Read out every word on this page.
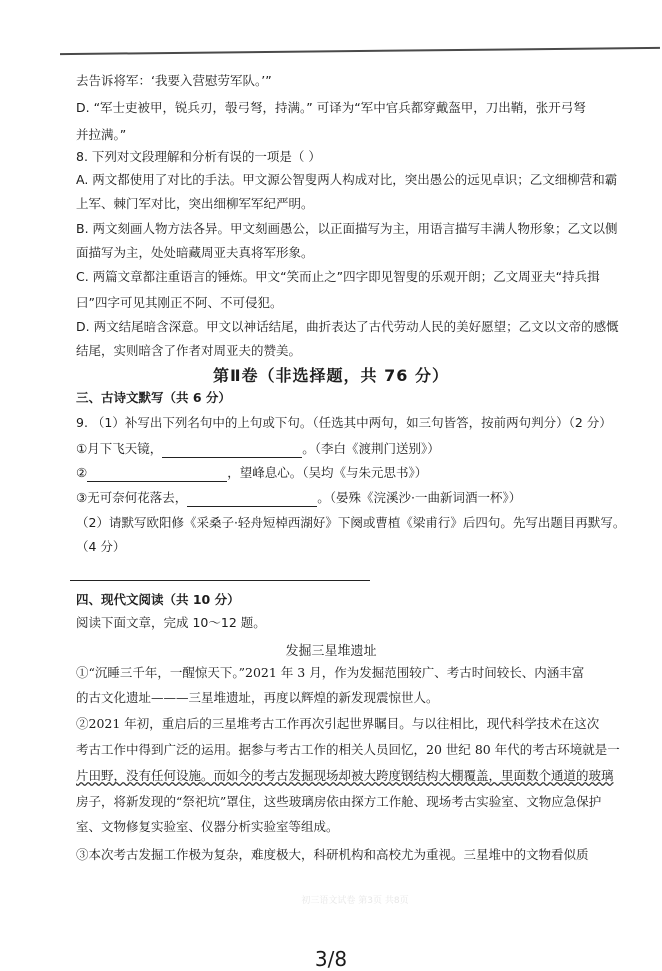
去告诉将军：‘我要入营慰劳军队。’”
D. “军士吏被甲，锐兵刃，彀弓弩，持满。” 可译为“军中官兵都穿戴盔甲，刀出鞘，张开弓弩
并拉满。”
8. 下列对文段理解和分析有误的一项是（ ）
A. 两文都使用了对比的手法。甲文源公智叟两人构成对比，突出愚公的远见卓识；乙文细柳营和霸
上军、棘门军对比，突出细柳军军纪严明。
B. 两文刻画人物方法各异。甲文刻画愚公，以正面描写为主，用语言描写丰满人物形象；乙文以侧
面描写为主，处处暗藏周亚夫真将军形象。
C. 两篇文章都注重语言的锤炼。甲文“笑而止之”四字即见智叟的乐观开朗；乙文周亚夫“持兵揖
曰”四字可见其刚正不阿、不可侵犯。
D. 两文结尾暗含深意。甲文以神话结尾，曲折表达了古代劳动人民的美好愿望；乙文以文帝的感慨
结尾，实则暗含了作者对周亚夫的赞美。
第Ⅱ卷（非选择题，共 76 分）
三、古诗文默写（共 6 分）
9. （1）补写出下列名句中的上句或下句。（任选其中两句，如三句皆答，按前两句判分）（2 分）
①月下飞天镜，	。（李白《渡荆门送别》）
②	，望峰息心。（吴均《与朱元思书》）
③无可奈何花落去，	。（晏殊《浣溪沙·一曲新词酒一杯》）
（2）请默写欧阳修《采桑子·轻舟短棹西湖好》下阕或曹植《梁甫行》后四句。先写出题目再默写。
（4 分）
四、现代文阅读（共 10 分）
阅读下面文章，完成 10～12 题。
发掘三星堆遗址
①“沉睡三千年，一醒惊天下。”2021 年 3 月，作为发掘范围较广、考古时间较长、内涵丰富
的古文化遗址———三星堆遗址，再度以辉煌的新发现震惊世人。
②2021 年初，重启后的三星堆考古工作再次引起世界瞩目。与以往相比，现代科学技术在这次
考古工作中得到广泛的运用。据参与考古工作的相关人员回忆，20 世纪 80 年代的考古环境就是一
片田野，没有任何设施。而如今的考古发掘现场却被大跨度钢结构大棚覆盖，里面数个通道的玻璃
房子，将新发现的“祭祀坑”罩住，这些玻璃房依由探方工作舱、现场考古实验室、文物应急保护
室、文物修复实验室、仪器分析实验室等组成。
③本次考古发掘工作极为复杂，难度极大，科研机构和高校尤为重视。三星堆中的文物看似质
初三语文试卷 第3页 共8页
3/8
